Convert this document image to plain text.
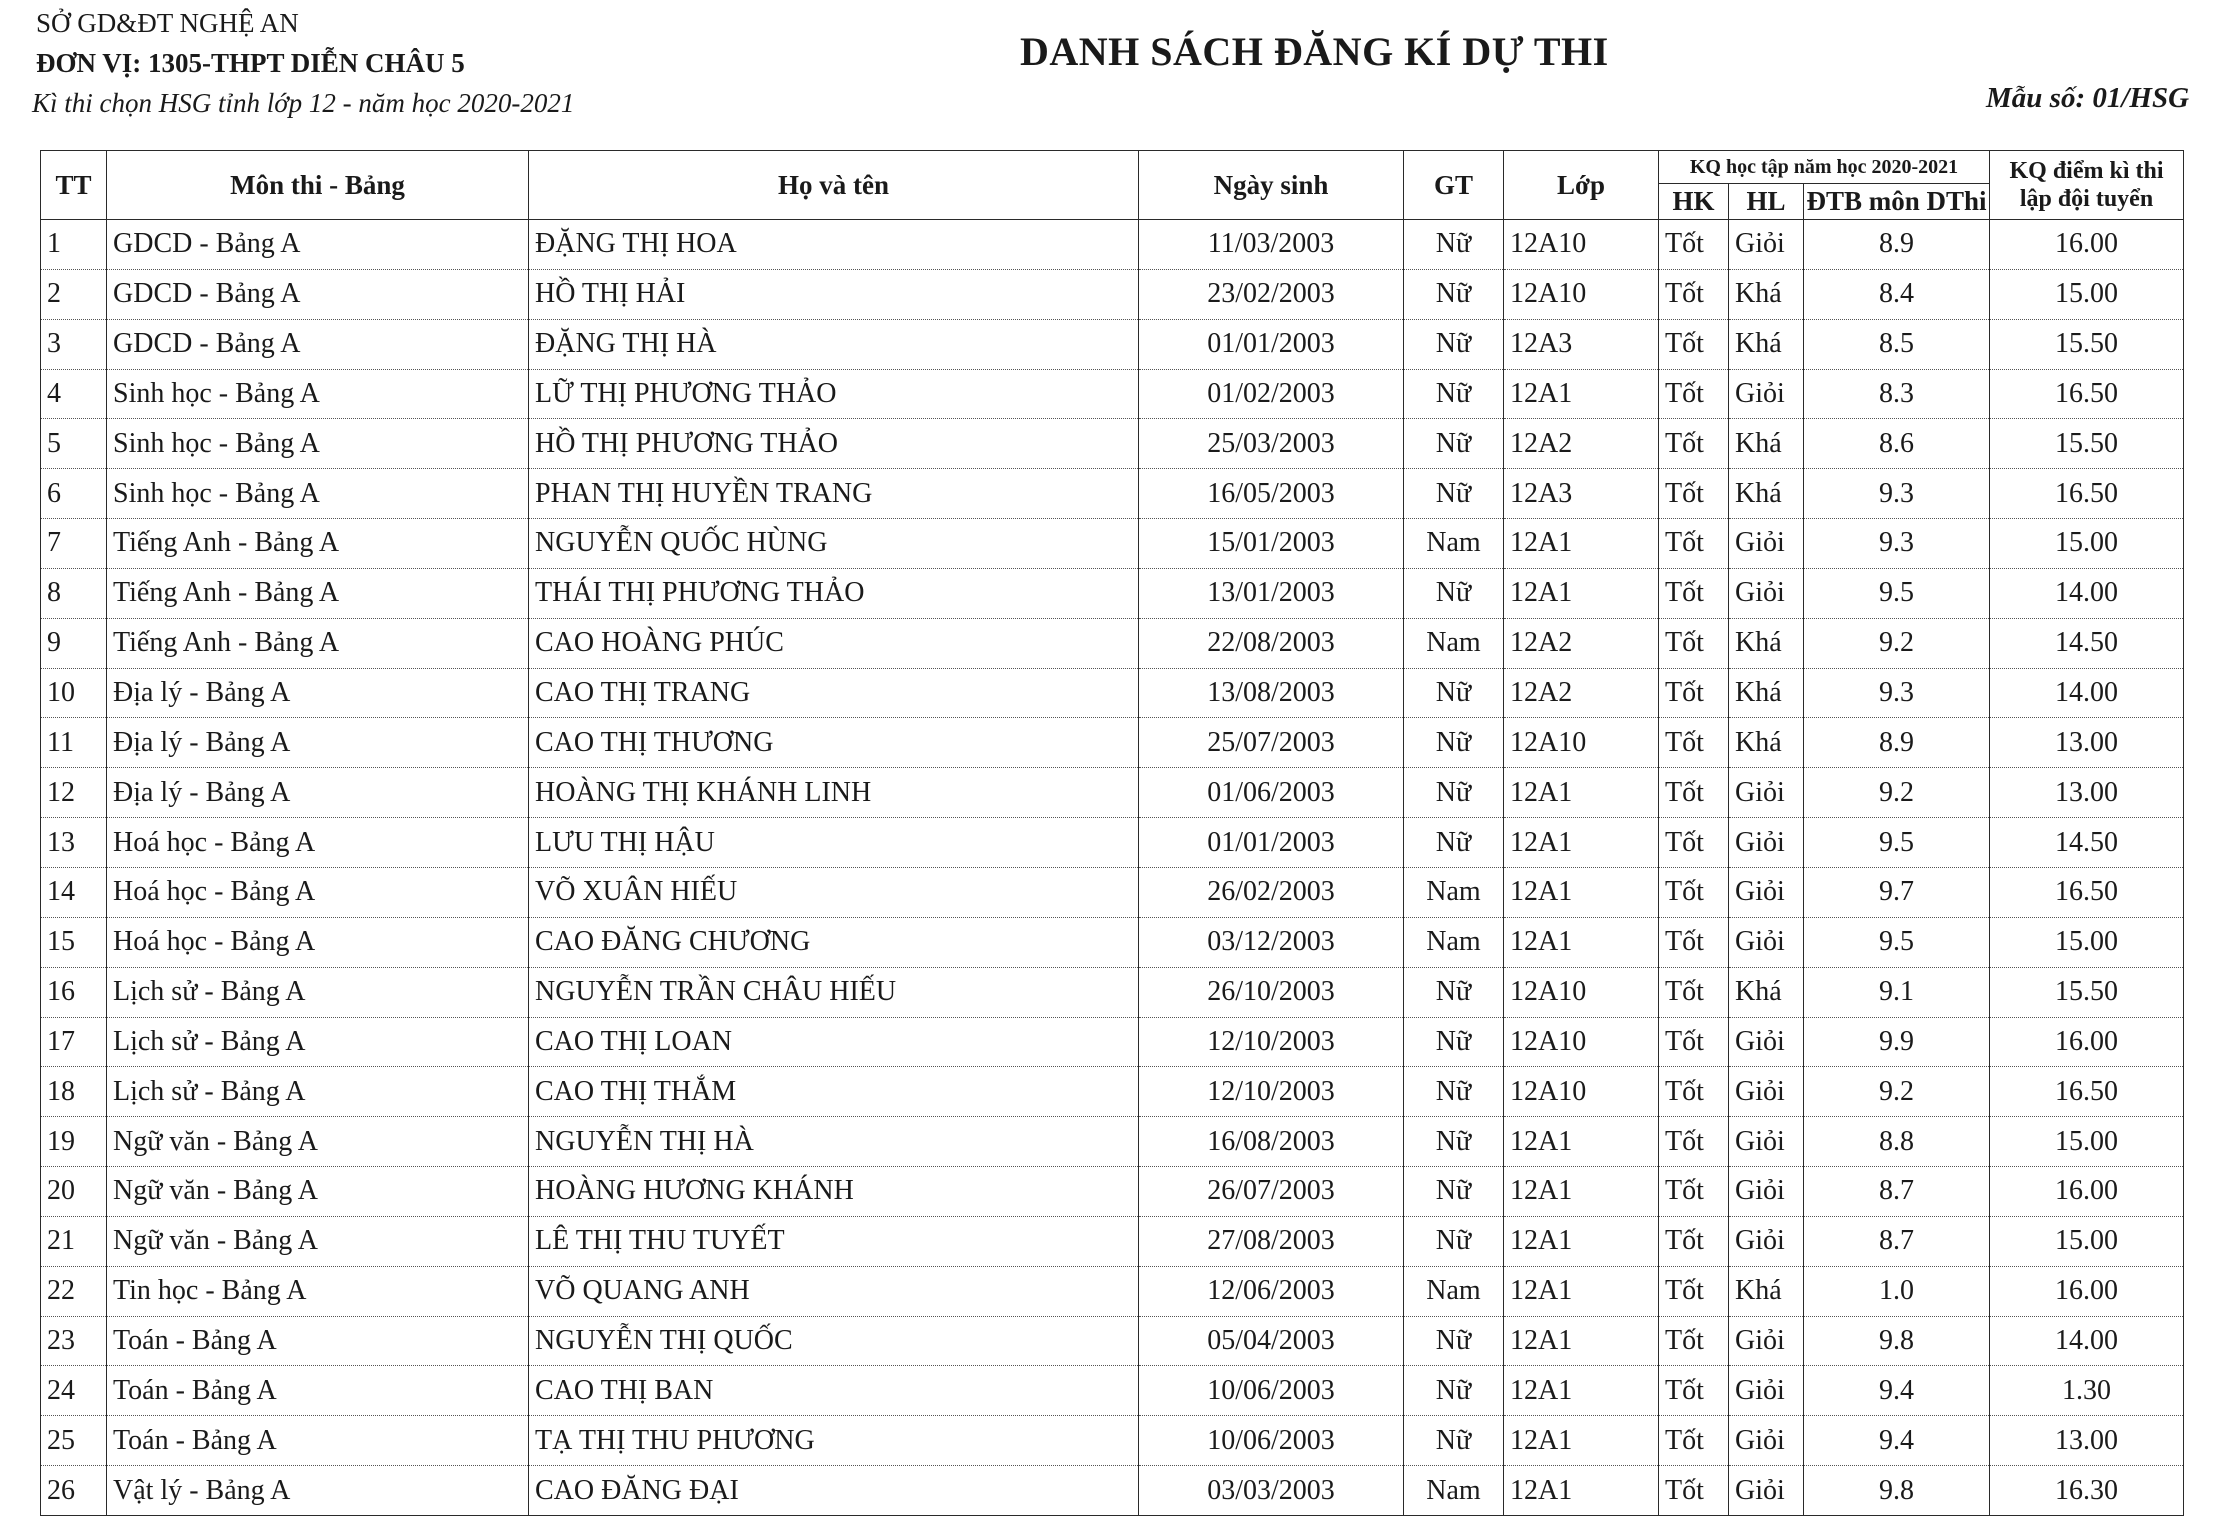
SỞ GD&ĐT NGHỆ AN
ĐƠN VỊ: 1305-THPT DIỄN CHÂU 5
Kì thi chọn HSG tỉnh lớp 12 - năm học 2020-2021
DANH SÁCH ĐĂNG KÍ DỰ THI
Mẫu số: 01/HSG
TT	Môn thi - Bảng	Họ và tên	Ngày sinh	GT	Lớp	KQ học tập năm học 2020-2021			KQ điểm kì thi lập đội tuyển
						HK	HL	ĐTB môn DThi	
1	GDCD - Bảng A	ĐẶNG THỊ HOA	11/03/2003	Nữ	12A10	Tốt	Giỏi	8.9	16.00
2	GDCD - Bảng A	HỒ THỊ HẢI	23/02/2003	Nữ	12A10	Tốt	Khá	8.4	15.00
3	GDCD - Bảng A	ĐẶNG THỊ HÀ	01/01/2003	Nữ	12A3	Tốt	Khá	8.5	15.50
4	Sinh học - Bảng A	LỮ THỊ PHƯƠNG THẢO	01/02/2003	Nữ	12A1	Tốt	Giỏi	8.3	16.50
5	Sinh học - Bảng A	HỒ THỊ PHƯƠNG THẢO	25/03/2003	Nữ	12A2	Tốt	Khá	8.6	15.50
6	Sinh học - Bảng A	PHAN THỊ HUYỀN TRANG	16/05/2003	Nữ	12A3	Tốt	Khá	9.3	16.50
7	Tiếng Anh - Bảng A	NGUYỄN QUỐC HÙNG	15/01/2003	Nam	12A1	Tốt	Giỏi	9.3	15.00
8	Tiếng Anh - Bảng A	THÁI THỊ PHƯƠNG THẢO	13/01/2003	Nữ	12A1	Tốt	Giỏi	9.5	14.00
9	Tiếng Anh - Bảng A	CAO HOÀNG PHÚC	22/08/2003	Nam	12A2	Tốt	Khá	9.2	14.50
10	Địa lý - Bảng A	CAO THỊ TRANG	13/08/2003	Nữ	12A2	Tốt	Khá	9.3	14.00
11	Địa lý - Bảng A	CAO THỊ THƯƠNG	25/07/2003	Nữ	12A10	Tốt	Khá	8.9	13.00
12	Địa lý - Bảng A	HOÀNG THỊ KHÁNH LINH	01/06/2003	Nữ	12A1	Tốt	Giỏi	9.2	13.00
13	Hoá học - Bảng A	LƯU THỊ HẬU	01/01/2003	Nữ	12A1	Tốt	Giỏi	9.5	14.50
14	Hoá học - Bảng A	VÕ XUÂN HIẾU	26/02/2003	Nam	12A1	Tốt	Giỏi	9.7	16.50
15	Hoá học - Bảng A	CAO ĐĂNG CHƯƠNG	03/12/2003	Nam	12A1	Tốt	Giỏi	9.5	15.00
16	Lịch sử - Bảng A	NGUYỄN TRẦN CHÂU HIẾU	26/10/2003	Nữ	12A10	Tốt	Khá	9.1	15.50
17	Lịch sử - Bảng A	CAO THỊ LOAN	12/10/2003	Nữ	12A10	Tốt	Giỏi	9.9	16.00
18	Lịch sử - Bảng A	CAO THỊ THẮM	12/10/2003	Nữ	12A10	Tốt	Giỏi	9.2	16.50
19	Ngữ văn - Bảng A	NGUYỄN THỊ HÀ	16/08/2003	Nữ	12A1	Tốt	Giỏi	8.8	15.00
20	Ngữ văn - Bảng A	HOÀNG HƯƠNG KHÁNH	26/07/2003	Nữ	12A1	Tốt	Giỏi	8.7	16.00
21	Ngữ văn - Bảng A	LÊ THỊ THU TUYẾT	27/08/2003	Nữ	12A1	Tốt	Giỏi	8.7	15.00
22	Tin học - Bảng A	VÕ QUANG ANH	12/06/2003	Nam	12A1	Tốt	Khá	1.0	16.00
23	Toán - Bảng A	NGUYỄN THỊ QUỐC	05/04/2003	Nữ	12A1	Tốt	Giỏi	9.8	14.00
24	Toán - Bảng A	CAO THỊ BAN	10/06/2003	Nữ	12A1	Tốt	Giỏi	9.4	1.30
25	Toán - Bảng A	TẠ THỊ THU PHƯƠNG	10/06/2003	Nữ	12A1	Tốt	Giỏi	9.4	13.00
26	Vật lý - Bảng A	CAO ĐĂNG ĐẠI	03/03/2003	Nam	12A1	Tốt	Giỏi	9.8	16.30
